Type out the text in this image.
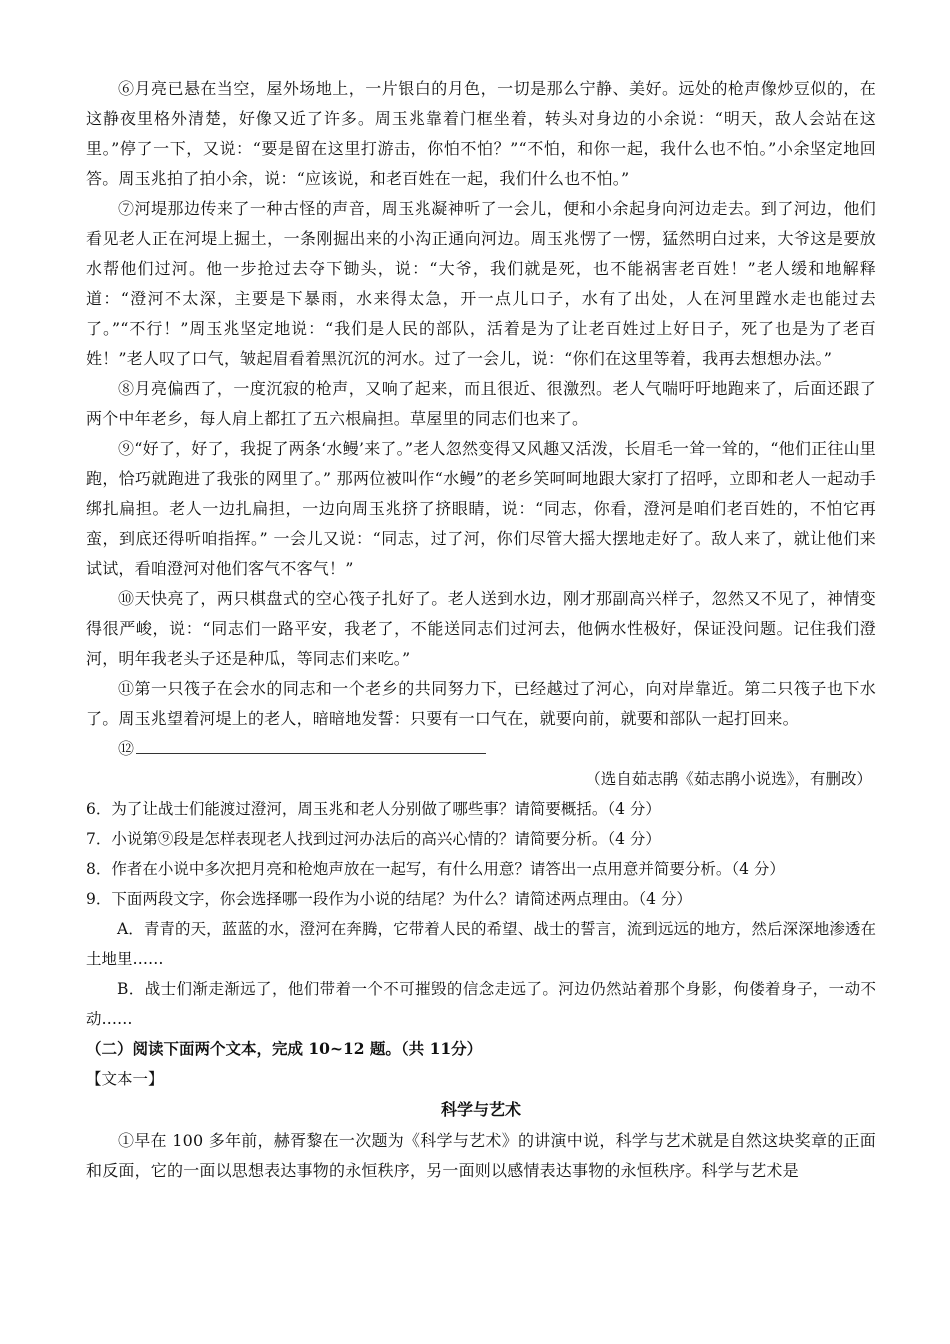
⑥月亮已悬在当空，屋外场地上，一片银白的月色，一切是那么宁静、美好。远处的枪声像炒豆似的，在这静夜里格外清楚，好像又近了许多。周玉兆靠着门框坐着，转头对身边的小余说：“明天，敌人会站在这里。”停了一下，又说：“要是留在这里打游击，你怕不怕？”“不怕，和你一起，我什么也不怕。”小余坚定地回答。周玉兆拍了拍小余，说：“应该说，和老百姓在一起，我们什么也不怕。”

⑦河堤那边传来了一种古怪的声音，周玉兆凝神听了一会儿，便和小余起身向河边走去。到了河边，他们看见老人正在河堤上掘土，一条刚掘出来的小沟正通向河边。周玉兆愣了一愣，猛然明白过来，大爷这是要放水帮他们过河。他一步抢过去夺下锄头，说：“大爷，我们就是死，也不能祸害老百姓！”老人缓和地解释道：“澄河不太深，主要是下暴雨，水来得太急，开一点儿口子，水有了出处，人在河里蹚水走也能过去了。”“不行！”周玉兆坚定地说：“我们是人民的部队，活着是为了让老百姓过上好日子，死了也是为了老百姓！”老人叹了口气，皱起眉看着黑沉沉的河水。过了一会儿，说：“你们在这里等着，我再去想想办法。”

⑧月亮偏西了，一度沉寂的枪声，又响了起来，而且很近、很激烈。老人气喘吁吁地跑来了，后面还跟了两个中年老乡，每人肩上都扛了五六根扁担。草屋里的同志们也来了。

⑨“好了，好了，我捉了两条‘水鳗’来了。”老人忽然变得又风趣又活泼，长眉毛一耸一耸的，“他们正往山里跑，恰巧就跑进了我张的网里了。” 那两位被叫作“水鳗”的老乡笑呵呵地跟大家打了招呼，立即和老人一起动手绑扎扁担。老人一边扎扁担，一边向周玉兆挤了挤眼睛，说：“同志，你看，澄河是咱们老百姓的，不怕它再蛮，到底还得听咱指挥。” 一会儿又说：“同志，过了河，你们尽管大摇大摆地走好了。敌人来了，就让他们来试试，看咱澄河对他们客气不客气！”

⑩天快亮了，两只棋盘式的空心筏子扎好了。老人送到水边，刚才那副高兴样子，忽然又不见了，神情变得很严峻，说：“同志们一路平安，我老了，不能送同志们过河去，他俩水性极好，保证没问题。记住我们澄河，明年我老头子还是种瓜，等同志们来吃。”

⑪第一只筏子在会水的同志和一个老乡的共同努力下，已经越过了河心，向对岸靠近。第二只筏子也下水了。周玉兆望着河堤上的老人，暗暗地发誓：只要有一口气在，就要向前，就要和部队一起打回来。

⑫

（选自茹志鹃《茹志鹃小说选》，有删改）

6．为了让战士们能渡过澄河，周玉兆和老人分别做了哪些事？请简要概括。（4 分）

7．小说第⑨段是怎样表现老人找到过河办法后的高兴心情的？请简要分析。（4 分）

8．作者在小说中多次把月亮和枪炮声放在一起写，有什么用意？请答出一点用意并简要分析。（4 分）

9．下面两段文字，你会选择哪一段作为小说的结尾？为什么？请简述两点理由。（4 分）

A．青青的天，蓝蓝的水，澄河在奔腾，它带着人民的希望、战士的誓言，流到远远的地方，然后深深地渗透在土地里……

B．战士们渐走渐远了，他们带着一个不可摧毁的信念走远了。河边仍然站着那个身影，佝偻着身子，一动不动……

（二）阅读下面两个文本，完成 10~12 题。（共 11分）

【文本一】

科学与艺术

①早在 100 多年前，赫胥黎在一次题为《科学与艺术》的讲演中说，科学与艺术就是自然这块奖章的正面和反面，它的一面以思想表达事物的永恒秩序，另一面则以感情表达事物的永恒秩序。科学与艺术是
